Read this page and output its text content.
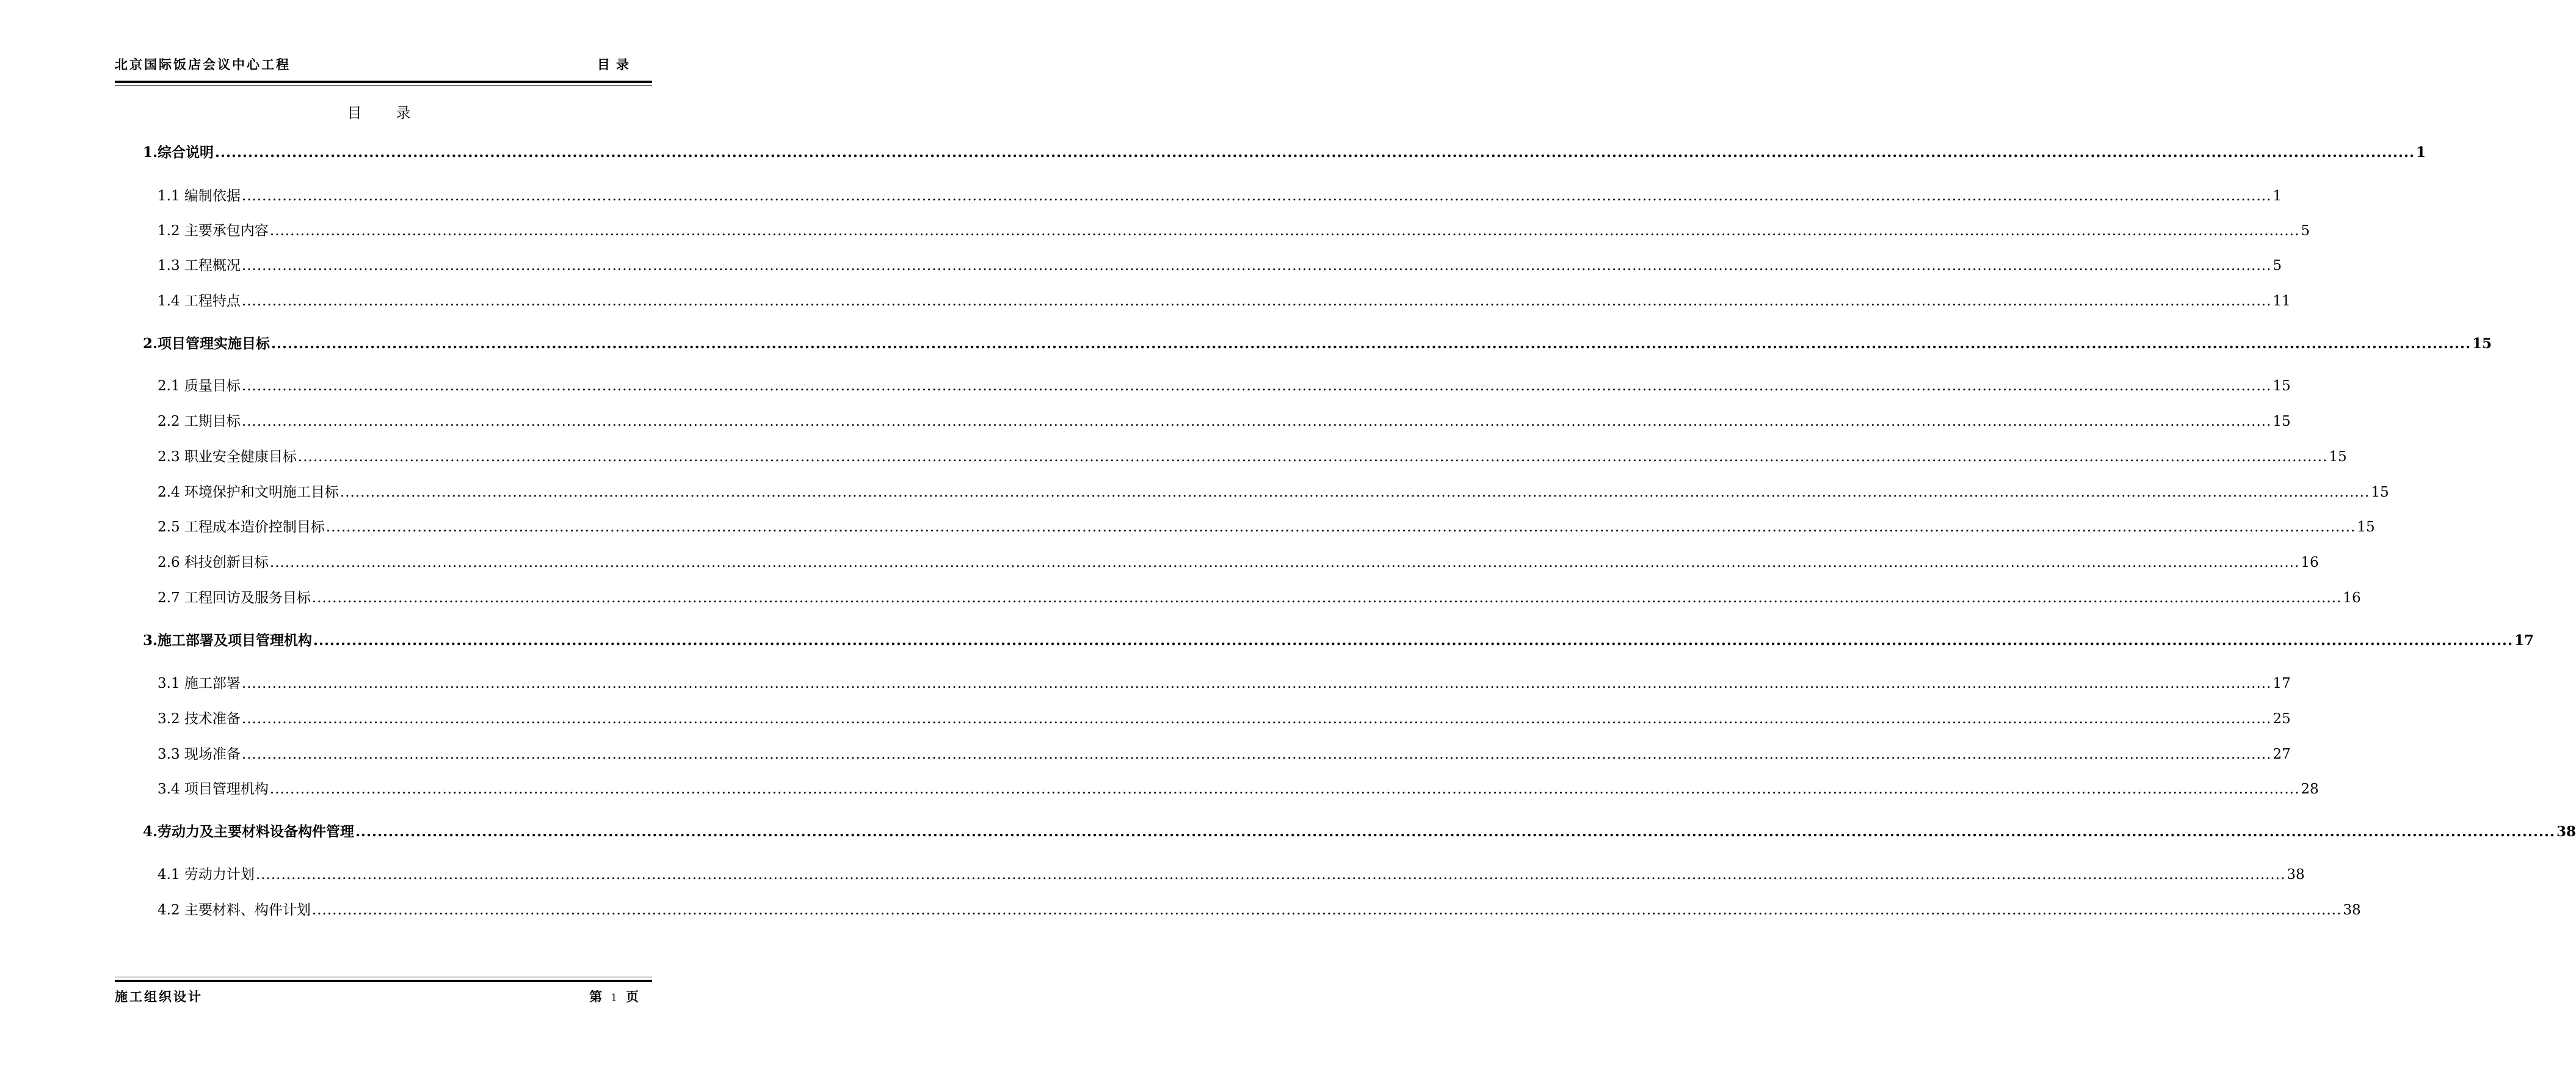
北京国际饭店会议中心工程	目录
目 录
1.综合说明 ................................................................................................................................................................................................................................................................................................................................................................................................................ 1
1.1 编制依据 ................................................................................................................................................................................................................................................................................................................................................................................................................ 1
1.2 主要承包内容 ................................................................................................................................................................................................................................................................................................................................................................................................................ 5
1.3 工程概况 ................................................................................................................................................................................................................................................................................................................................................................................................................ 5
1.4 工程特点 ................................................................................................................................................................................................................................................................................................................................................................................................................ 11
2.项目管理实施目标 ................................................................................................................................................................................................................................................................................................................................................................................................................ 15
2.1 质量目标 ................................................................................................................................................................................................................................................................................................................................................................................................................ 15
2.2 工期目标 ................................................................................................................................................................................................................................................................................................................................................................................................................ 15
2.3 职业安全健康目标 ................................................................................................................................................................................................................................................................................................................................................................................................................ 15
2.4 环境保护和文明施工目标 ................................................................................................................................................................................................................................................................................................................................................................................................................ 15
2.5 工程成本造价控制目标 ................................................................................................................................................................................................................................................................................................................................................................................................................ 15
2.6 科技创新目标 ................................................................................................................................................................................................................................................................................................................................................................................................................ 16
2.7 工程回访及服务目标 ................................................................................................................................................................................................................................................................................................................................................................................................................ 16
3.施工部署及项目管理机构 ................................................................................................................................................................................................................................................................................................................................................................................................................ 17
3.1 施工部署 ................................................................................................................................................................................................................................................................................................................................................................................................................ 17
3.2 技术准备 ................................................................................................................................................................................................................................................................................................................................................................................................................ 25
3.3 现场准备 ................................................................................................................................................................................................................................................................................................................................................................................................................ 27
3.4 项目管理机构 ................................................................................................................................................................................................................................................................................................................................................................................................................ 28
4.劳动力及主要材料设备构件管理 ................................................................................................................................................................................................................................................................................................................................................................................................................ 38
4.1 劳动力计划 ................................................................................................................................................................................................................................................................................................................................................................................................................ 38
4.2 主要材料、构件计划 ................................................................................................................................................................................................................................................................................................................................................................................................................ 38
施工组织设计	第 1 页
